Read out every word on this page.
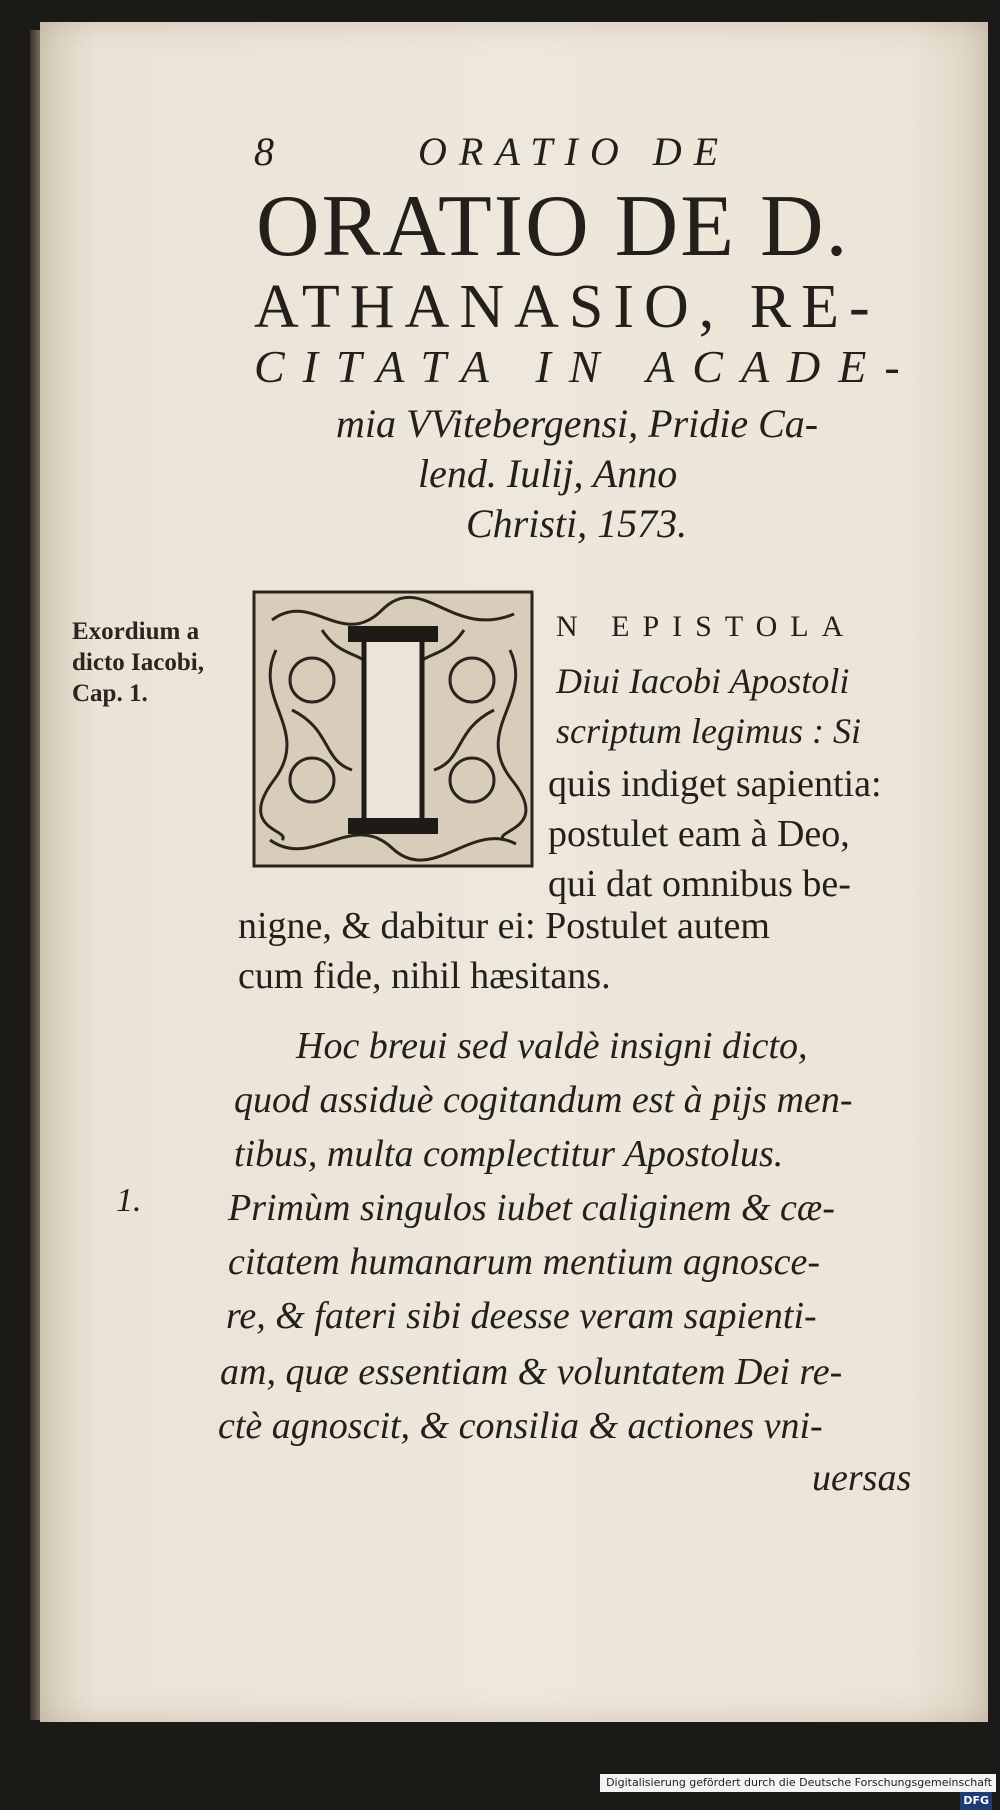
8	ORATIO DE
ORATIO DE D.
ATHANASIO, RE-
CITATA IN ACADE-
mia VVitebergensi, Pridie Ca-
lend. Iulij, Anno
Christi, 1573.
Exordium a
dicto Iacobi,
Cap. 1.
N EPISTOLA
Diui Iacobi Apostoli
scriptum legimus : Si
quis indiget sapientia:
postulet eam à Deo,
qui dat omnibus be-
nigne, & dabitur ei: Postulet autem
cum fide, nihil hæsitans.
1.
Hoc breui sed valdè insigni dicto,
quod assiduè cogitandum est à pijs men-
tibus, multa complectitur Apostolus.
Primùm singulos iubet caliginem & cæ-
citatem humanarum mentium agnosce-
re, & fateri sibi deesse veram sapienti-
am, quæ essentiam & voluntatem Dei re-
ctè agnoscit, & consilia & actiones vni-
uersas
Digitalisierung gefördert durch die Deutsche Forschungsgemeinschaft · DFG
